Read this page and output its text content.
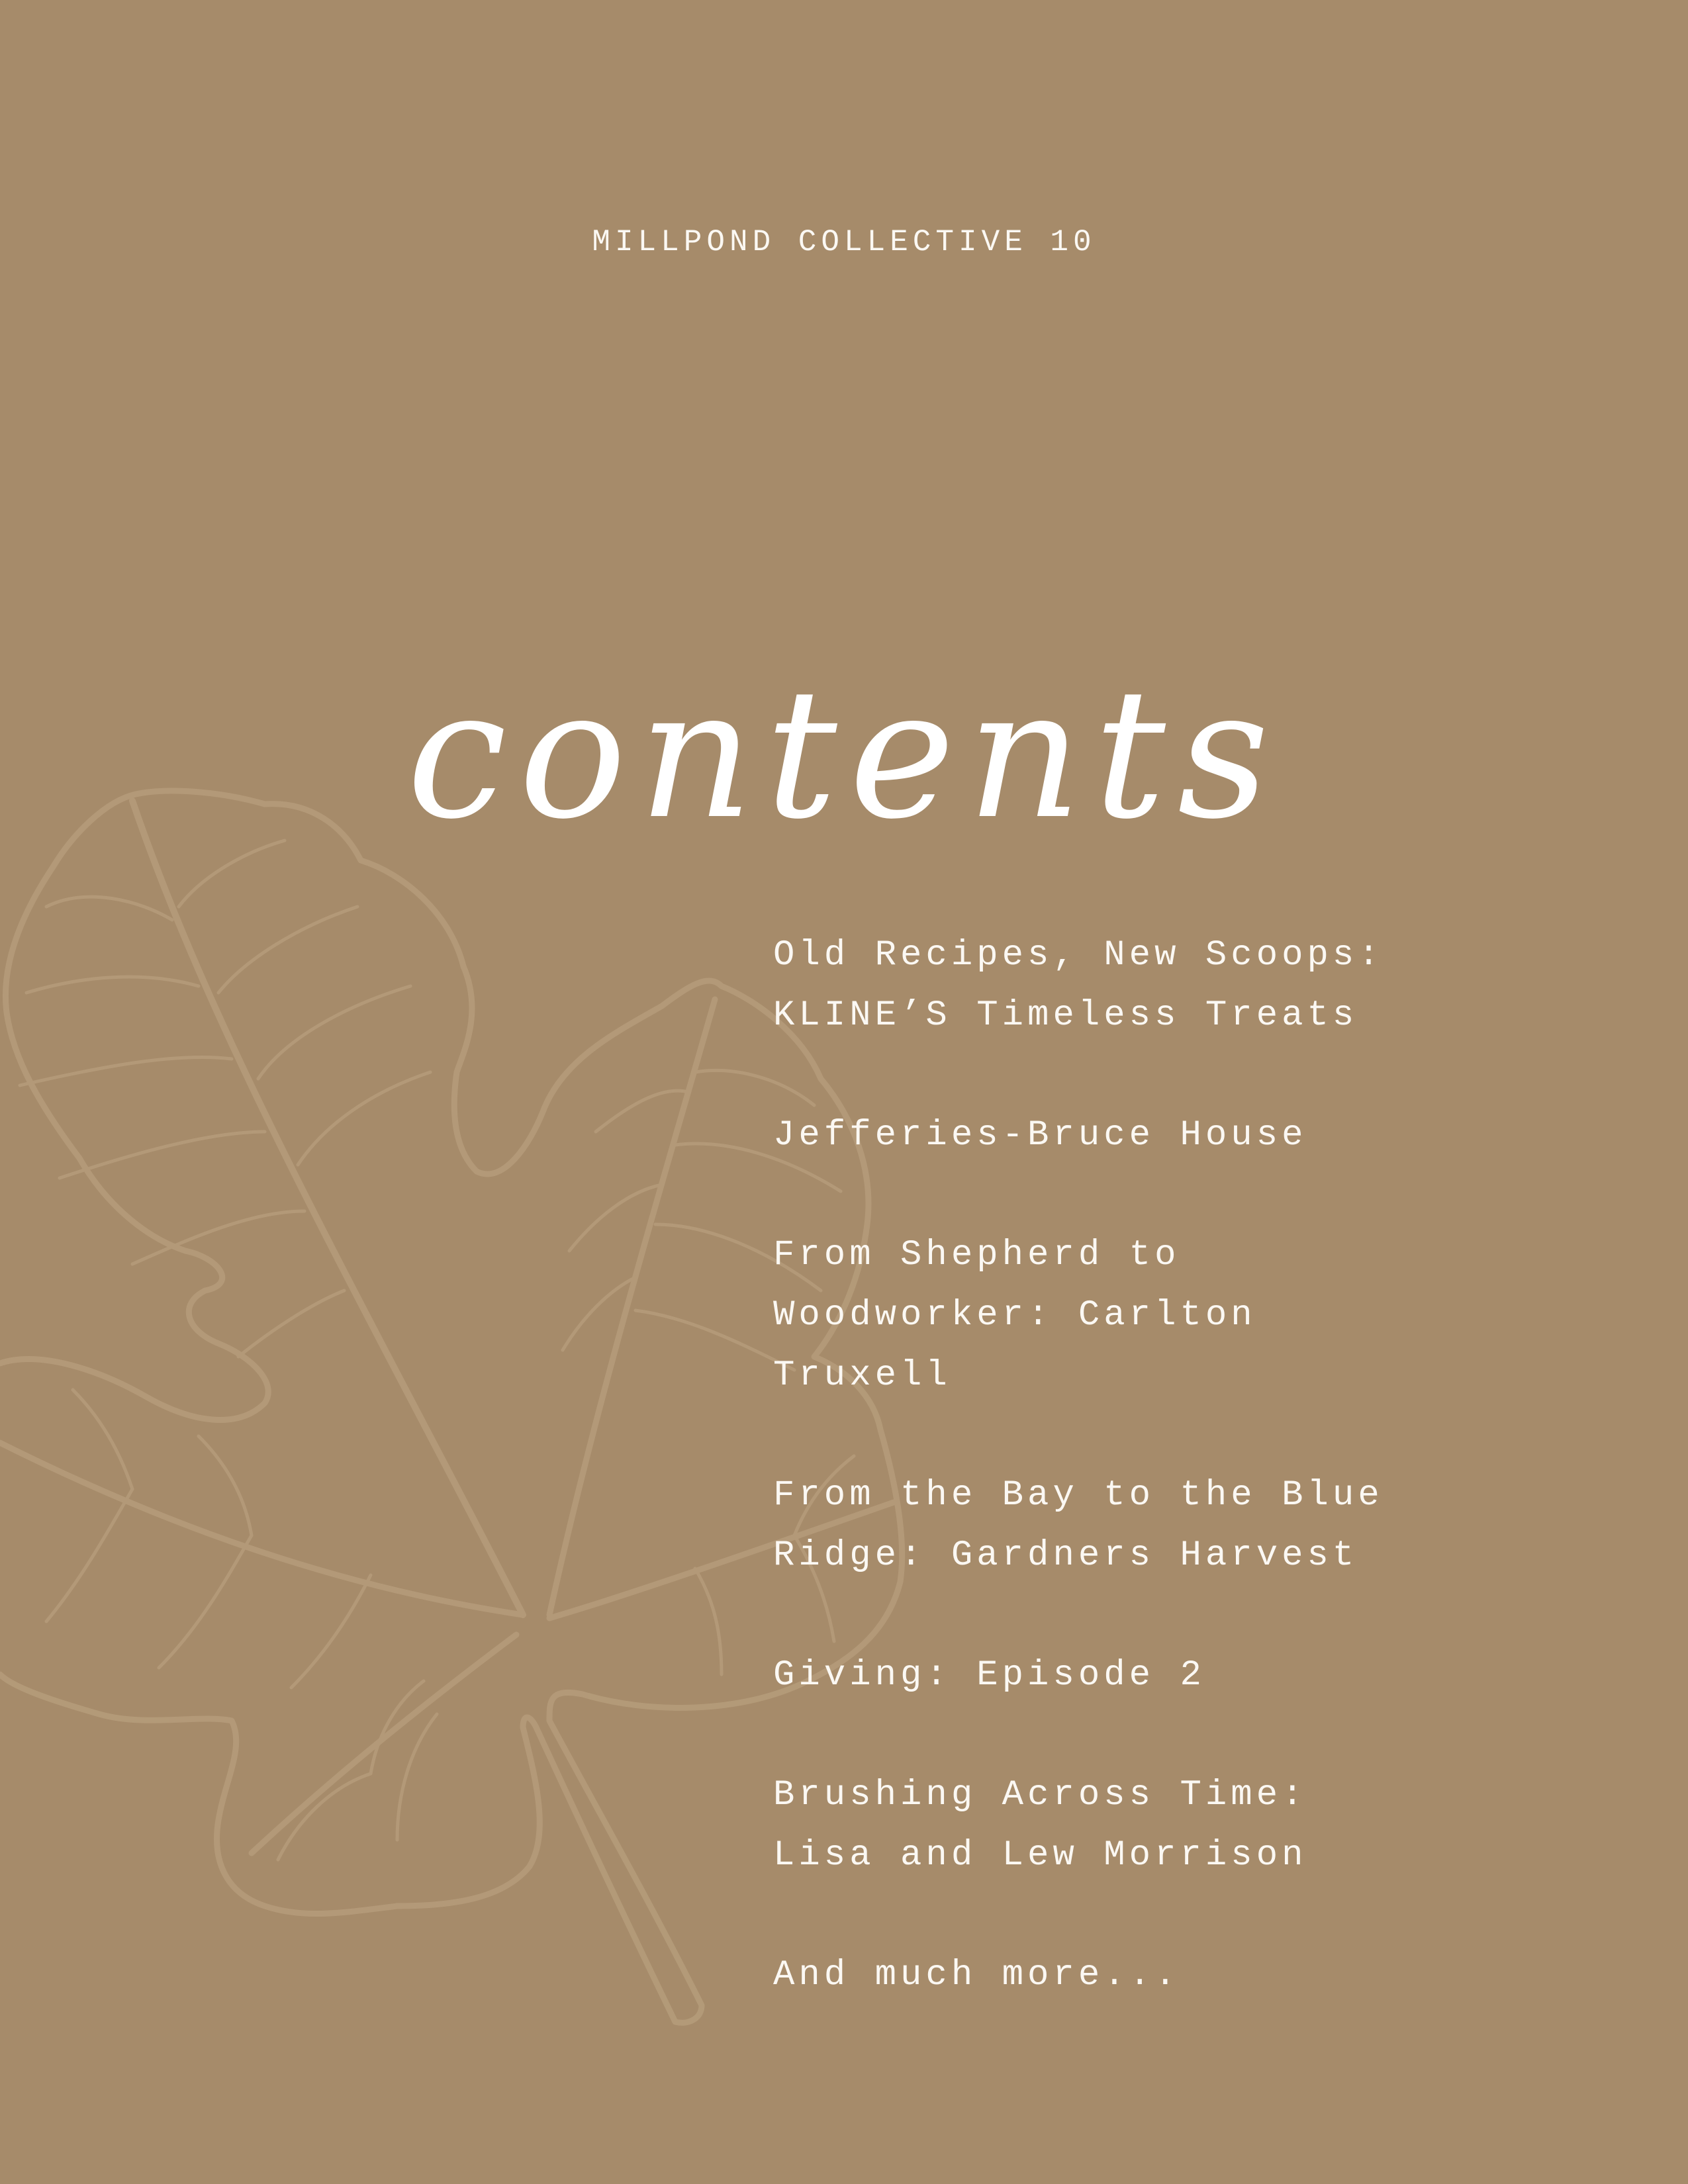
MILLPOND COLLECTIVE 10
contents
Old Recipes, New Scoops:
KLINE’S Timeless Treats
Jefferies-Bruce House
From Shepherd to
Woodworker: Carlton
Truxell
From the Bay to the Blue
Ridge: Gardners Harvest
Giving: Episode 2
Brushing Across Time:
Lisa and Lew Morrison
And much more...
